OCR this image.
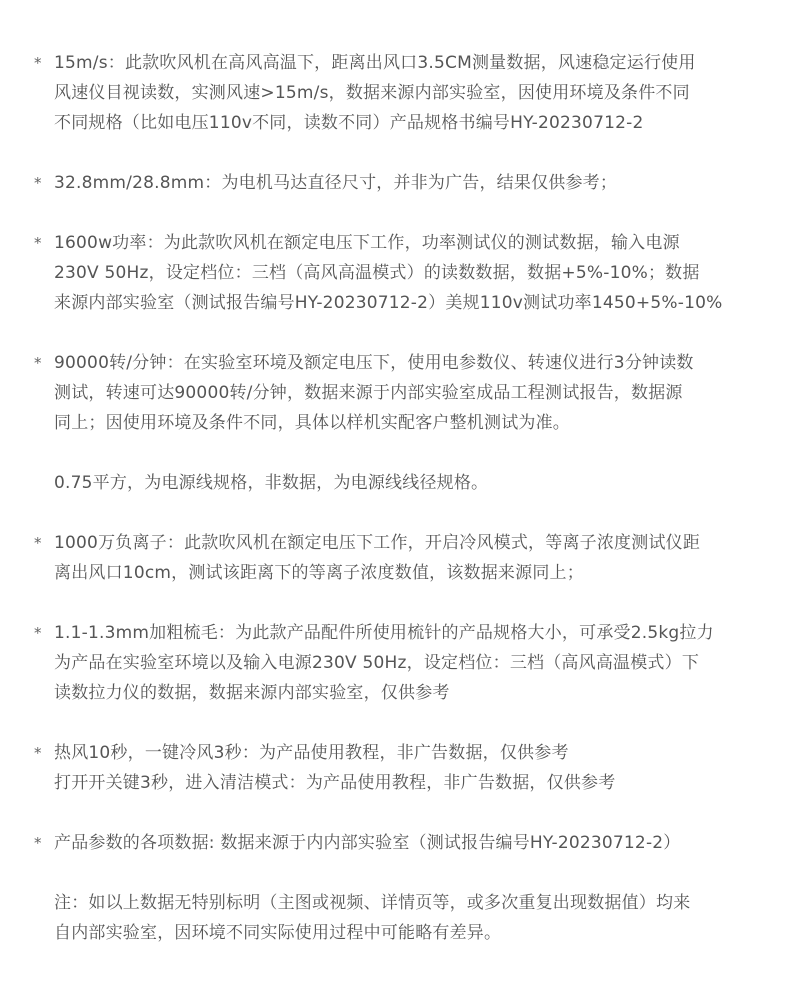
* 15m/s：此款吹风机在高风高温下，距离出风口3.5CM测量数据，风速稳定运行使用
风速仪目视读数，实测风速>15m/s，数据来源内部实验室，因使用环境及条件不同
不同规格（比如电压110v不同，读数不同）产品规格书编号HY-20230712-2
* 32.8mm/28.8mm：为电机马达直径尺寸，并非为广告，结果仅供参考；
* 1600w功率：为此款吹风机在额定电压下工作，功率测试仪的测试数据，输入电源
230V 50Hz，设定档位：三档（高风高温模式）的读数数据，数据+5%-10%；数据
来源内部实验室（测试报告编号HY-20230712-2）美规110v测试功率1450+5%-10%
* 90000转/分钟：在实验室环境及额定电压下，使用电参数仪、转速仪进行3分钟读数
测试，转速可达90000转/分钟，数据来源于内部实验室成品工程测试报告，数据源
同上；因使用环境及条件不同，具体以样机实配客户整机测试为准。
0.75平方，为电源线规格，非数据，为电源线线径规格。
* 1000万负离子：此款吹风机在额定电压下工作，开启冷风模式，等离子浓度测试仪距
离出风口10cm，测试该距离下的等离子浓度数值，该数据来源同上；
* 1.1-1.3mm加粗梳毛：为此款产品配件所使用梳针的产品规格大小，可承受2.5kg拉力
为产品在实验室环境以及输入电源230V 50Hz，设定档位：三档（高风高温模式）下
读数拉力仪的数据，数据来源内部实验室，仅供参考
* 热风10秒，一键冷风3秒：为产品使用教程，非广告数据，仅供参考
打开开关键3秒，进入清洁模式：为产品使用教程，非广告数据，仅供参考
* 产品参数的各项数据: 数据来源于内内部实验室（测试报告编号HY-20230712-2）
注：如以上数据无特别标明（主图或视频、详情页等，或多次重复出现数据值）均来
自内部实验室，因环境不同实际使用过程中可能略有差异。
